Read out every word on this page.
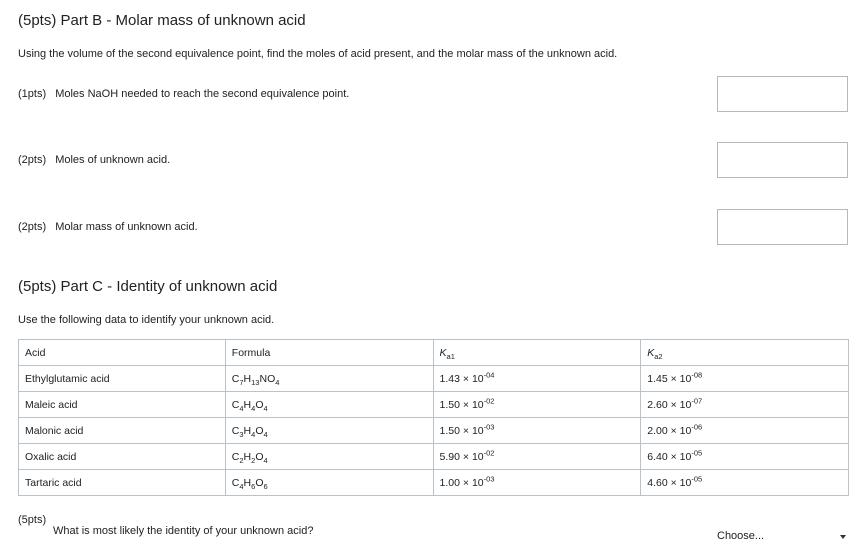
(5pts) Part B - Molar mass of unknown acid
Using the volume of the second equivalence point, find the moles of acid present, and the molar mass of the unknown acid.
(1pts) Moles NaOH needed to reach the second equivalence point.
(2pts) Moles of unknown acid.
(2pts) Molar mass of unknown acid.
(5pts) Part C - Identity of unknown acid
Use the following data to identify your unknown acid.
Acid	Formula	$K_{a1}$	$K_{a2}$
Ethylglutamic acid	$C_7H_{13}NO_4$	$1.43 \times 10^{-04}$	$1.45 \times 10^{-08}$
Maleic acid	$C_4H_4O_4$	$1.50 \times 10^{-02}$	$2.60 \times 10^{-07}$
Malonic acid	$C_3H_4O_4$	$1.50 \times 10^{-03}$	$2.00 \times 10^{-06}$
Oxalic acid	$C_2H_2O_4$	$5.90 \times 10^{-02}$	$6.40 \times 10^{-05}$
Tartaric acid	$C_4H_6O_6$	$1.00 \times 10^{-03}$	$4.60 \times 10^{-05}$
(5pts)
What is most likely the identity of your unknown acid?	Choose...
